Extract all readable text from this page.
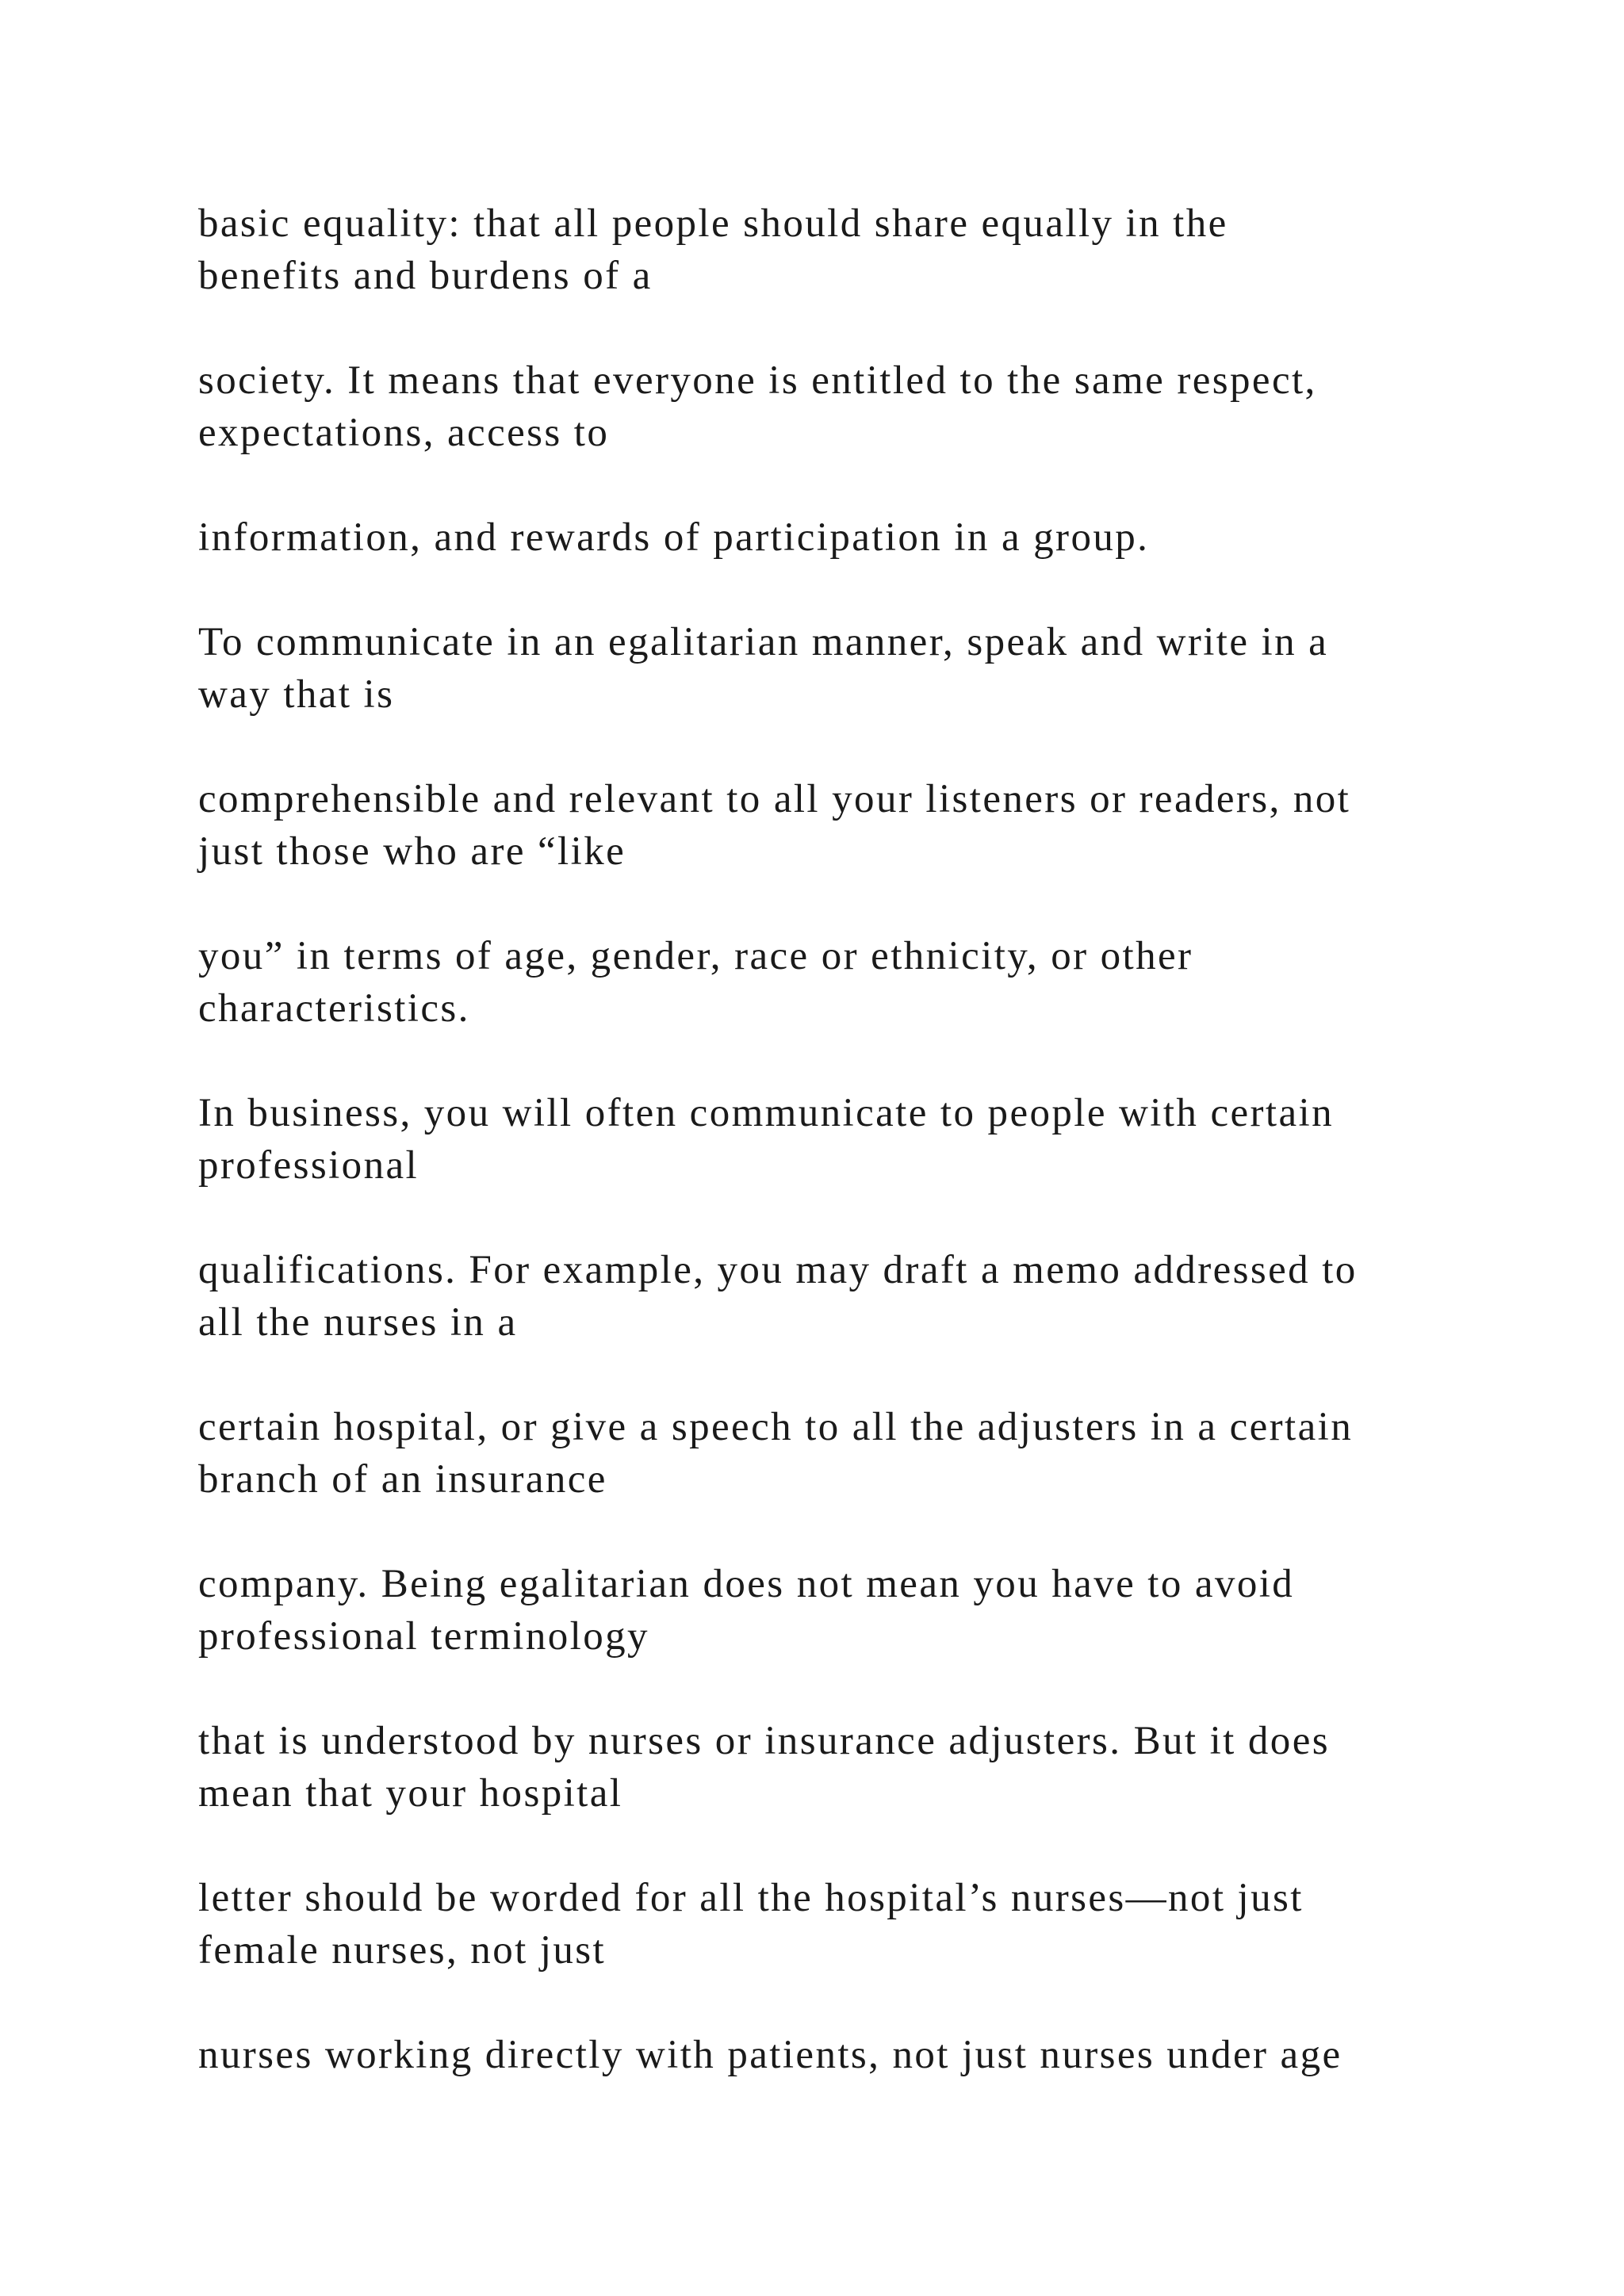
basic equality: that all people should share equally in the
benefits and burdens of a

society. It means that everyone is entitled to the same respect,
expectations, access to

information, and rewards of participation in a group.

To communicate in an egalitarian manner, speak and write in a
way that is

comprehensible and relevant to all your listeners or readers, not
just those who are “like

you” in terms of age, gender, race or ethnicity, or other
characteristics.

In business, you will often communicate to people with certain
professional

qualifications. For example, you may draft a memo addressed to
all the nurses in a

certain hospital, or give a speech to all the adjusters in a certain
branch of an insurance

company. Being egalitarian does not mean you have to avoid
professional terminology

that is understood by nurses or insurance adjusters. But it does
mean that your hospital

letter should be worded for all the hospital’s nurses—not just
female nurses, not just

nurses working directly with patients, not just nurses under age
